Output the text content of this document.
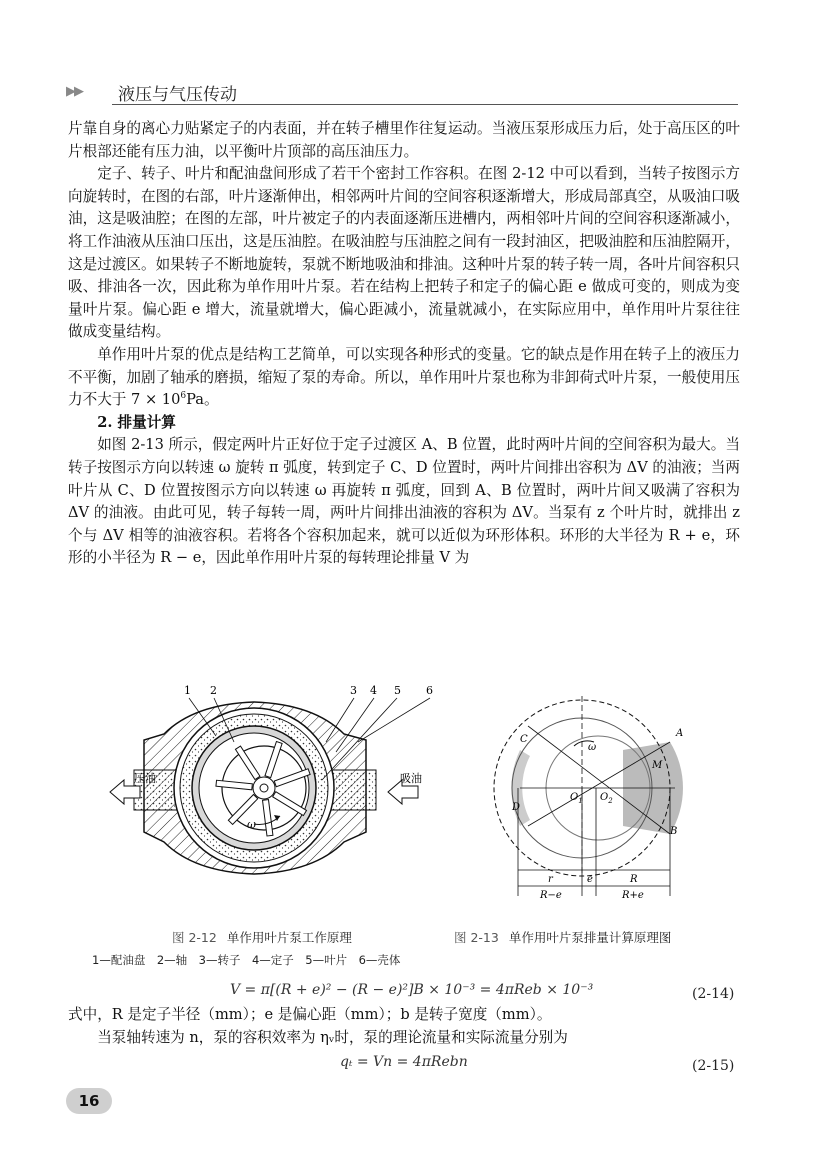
▶▶ 液压与气压传动

片靠自身的离心力贴紧定子的内表面，并在转子槽里作往复运动。当液压泵形成压力后，处于高压区的叶片根部还能有压力油，以平衡叶片顶部的高压油压力。

定子、转子、叶片和配油盘间形成了若干个密封工作容积。在图 2-12 中可以看到，当转子按图示方向旋转时，在图的右部，叶片逐渐伸出，相邻两叶片间的空间容积逐渐增大，形成局部真空，从吸油口吸油，这是吸油腔；在图的左部，叶片被定子的内表面逐渐压进槽内，两相邻叶片间的空间容积逐渐减小，将工作油液从压油口压出，这是压油腔。在吸油腔与压油腔之间有一段封油区，把吸油腔和压油腔隔开，这是过渡区。如果转子不断地旋转，泵就不断地吸油和排油。这种叶片泵的转子转一周，各叶片间容积只吸、排油各一次，因此称为单作用叶片泵。若在结构上把转子和定子的偏心距 e 做成可变的，则成为变量叶片泵。偏心距 e 增大，流量就增大，偏心距减小，流量就减小，在实际应用中，单作用叶片泵往往做成变量结构。

单作用叶片泵的优点是结构工艺简单，可以实现各种形式的变量。它的缺点是作用在转子上的液压力不平衡，加剧了轴承的磨损，缩短了泵的寿命。所以，单作用叶片泵也称为非卸荷式叶片泵，一般使用压力不大于 $7 \times 10^6Pa$。

2. 排量计算

如图 2-13 所示，假定两叶片正好位于定子过渡区 A、B 位置，此时两叶片间的空间容积为最大。当转子按图示方向以转速 ω 旋转 π 弧度，转到定子 C、D 位置时，两叶片间排出容积为 ΔV 的油液；当两叶片从 C、D 位置按图示方向以转速 ω 再旋转 π 弧度，回到 A、B 位置时，两叶片间又吸满了容积为 ΔV 的油液。由此可见，转子每转一周，两叶片间排出油液的容积为 ΔV。当泵有 z 个叶片时，就排出 z 个与 ΔV 相等的油液容积。若将各个容积加起来，就可以近似为环形体积。环形的大半径为 R + e，环形的小半径为 R − e，因此单作用叶片泵的每转理论排量 V 为

ω
压油	吸油
1 2	3 4 5 6
A
B
C
D
M
ω
$O_1$ $O_2$
r	e	R
R−e	R+e
图 2-12 单作用叶片泵工作原理	图 2-13 单作用叶片泵排量计算原理图
1—配油盘　2—轴　3—转子　4—定子　5—叶片　6—壳体
V = π[(R + e)² − (R − e)²]B × 10⁻³ = 4πReb × 10⁻³	(2-14)

式中，R 是定子半径（mm）；e 是偏心距（mm）；b 是转子宽度（mm）。

当泵轴转速为 n，泵的容积效率为 ηᵥ时，泵的理论流量和实际流量分别为

qₜ = Vn = 4πRebn	(2-15)
16
